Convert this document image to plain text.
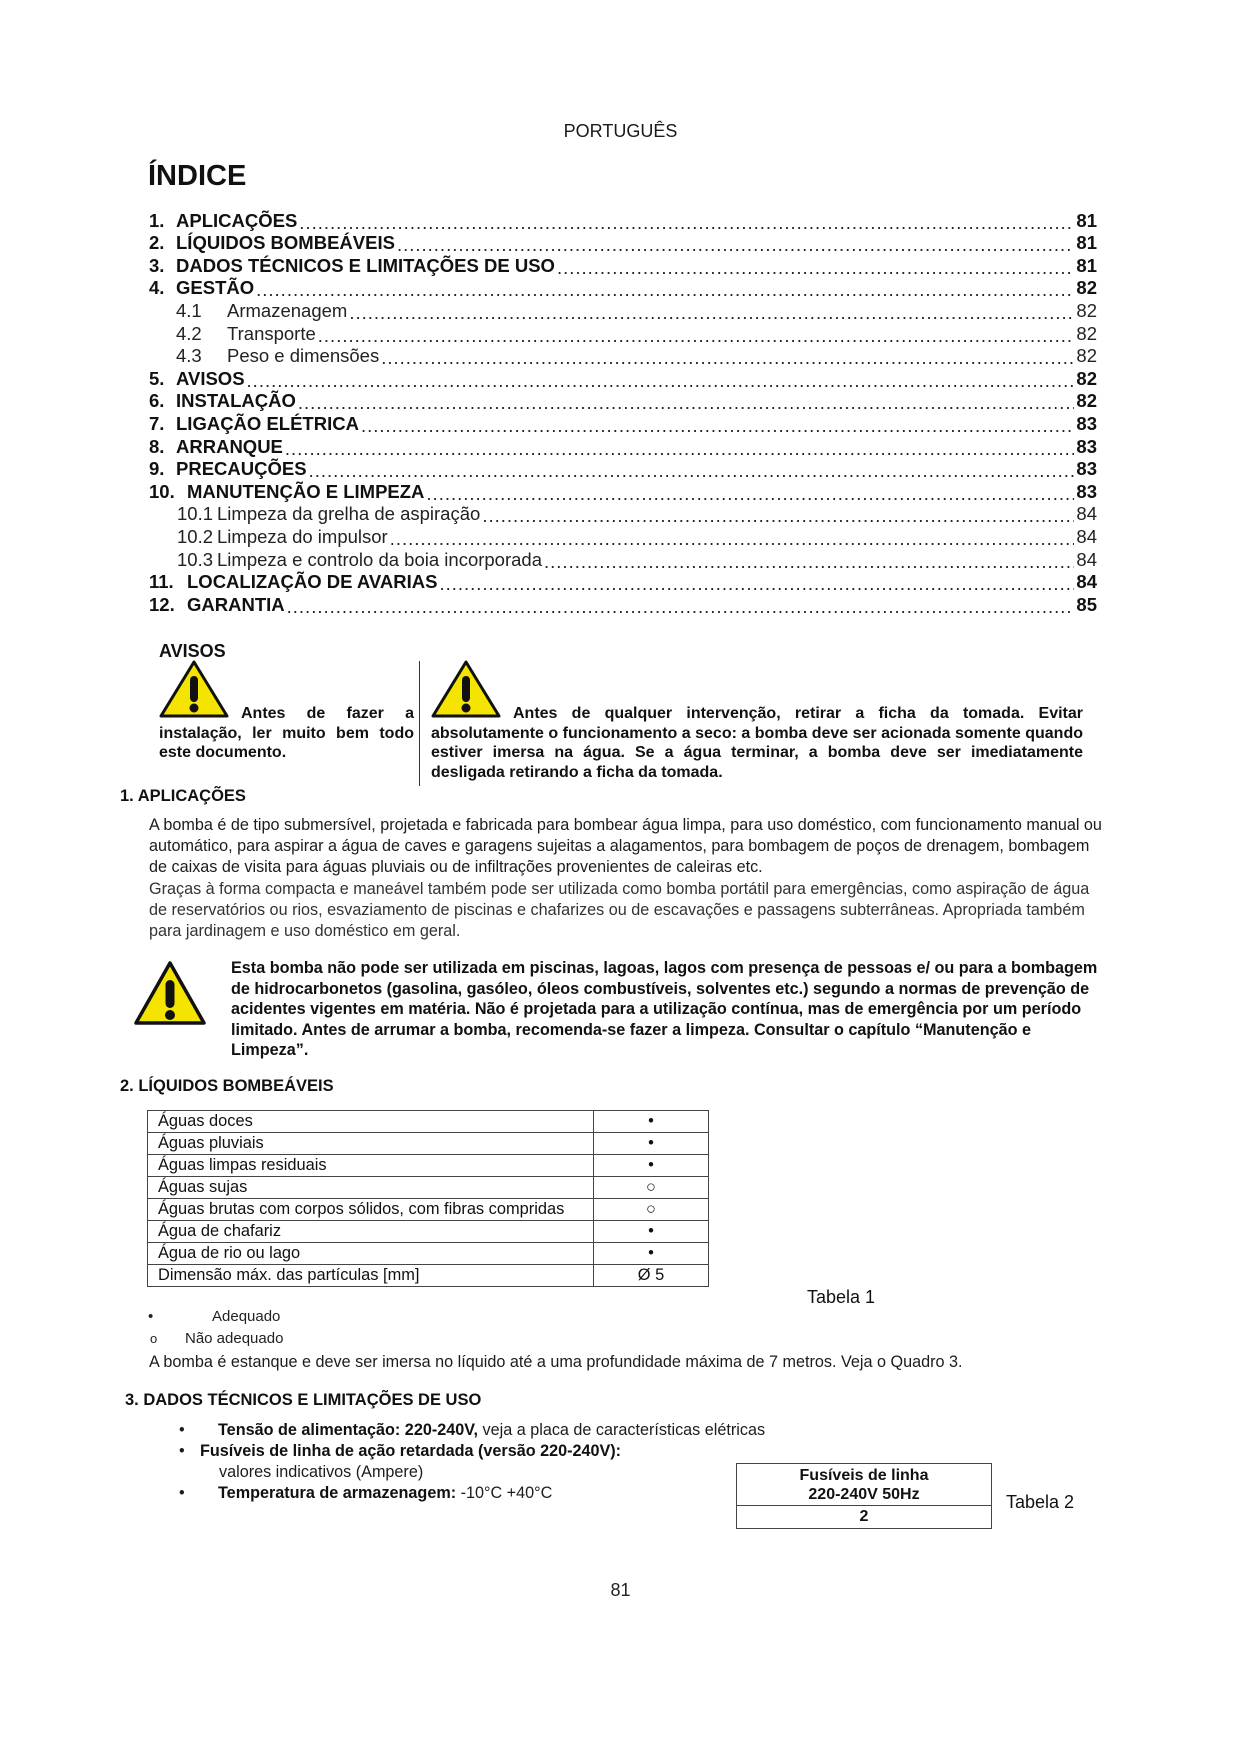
PORTUGUÊS
ÍNDICE
1. APLICAÇÕES .....	81
2. LÍQUIDOS BOMBEÁVEIS .....	81
3. DADOS TÉCNICOS E LIMITAÇÕES DE USO .....	81
4. GESTÃO .....	82
4.1	Armazenagem .....	82
4.2	Transporte .....	82
4.3	Peso e dimensões .....	82
5. AVISOS .....	82
6. INSTALAÇÃO .....	82
7. LIGAÇÃO ELÉTRICA .....	83
8. ARRANQUE .....	83
9. PRECAUÇÕES .....	83
10. MANUTENÇÃO E LIMPEZA .....	83
10.1 Limpeza da grelha de aspiração .....	84
10.2 Limpeza do impulsor .....	84
10.3 Limpeza e controlo da boia incorporada .....	84
11. LOCALIZAÇÃO DE AVARIAS .....	84
12. GARANTIA .....	85
AVISOS
Antes de fazer a instalação, ler muito bem todo este documento.
Antes de qualquer intervenção, retirar a ficha da tomada. Evitar absolutamente o funcionamento a seco: a bomba deve ser acionada somente quando estiver imersa na água. Se a água terminar, a bomba deve ser imediatamente desligada retirando a ficha da tomada.
1. APLICAÇÕES
A bomba é de tipo submersível, projetada e fabricada para bombear água limpa, para uso doméstico, com funcionamento manual ou automático, para aspirar a água de caves e garagens sujeitas a alagamentos, para bombagem de poços de drenagem, bombagem de caixas de visita para águas pluviais ou de infiltrações provenientes de caleiras etc.
Graças à forma compacta e maneável também pode ser utilizada como bomba portátil para emergências, como aspiração de água de reservatórios ou rios, esvaziamento de piscinas e chafarizes ou de escavações e passagens subterrâneas. Apropriada também para jardinagem e uso doméstico em geral.
Esta bomba não pode ser utilizada em piscinas, lagoas, lagos com presença de pessoas e/ ou para a bombagem de hidrocarbonetos (gasolina, gasóleo, óleos combustíveis, solventes etc.) segundo a normas de prevenção de acidentes vigentes em matéria. Não é projetada para a utilização contínua, mas de emergência por um período limitado. Antes de arrumar a bomba, recomenda-se fazer a limpeza. Consultar o capítulo “Manutenção e Limpeza”.
2. LÍQUIDOS BOMBEÁVEIS
Águas doces	•
Águas pluviais	•
Águas limpas residuais	•
Águas sujas	○
Águas brutas com corpos sólidos, com fibras compridas	○
Água de chafariz	•
Água de rio ou lago	•
Dimensão máx. das partículas [mm]	Ø 5
Tabela 1
•	Adequado
o Não adequado
A bomba é estanque e deve ser imersa no líquido até a uma profundidade máxima de 7 metros. Veja o Quadro 3.
3. DADOS TÉCNICOS E LIMITAÇÕES DE USO
•	Tensão de alimentação: 220-240V, veja a placa de características elétricas
• Fusíveis de linha de ação retardada (versão 220-240V):
valores indicativos (Ampere)
•	Temperatura de armazenagem: -10°C +40°C
Fusíveis de linha
220-240V 50Hz
2
Tabela 2
81
